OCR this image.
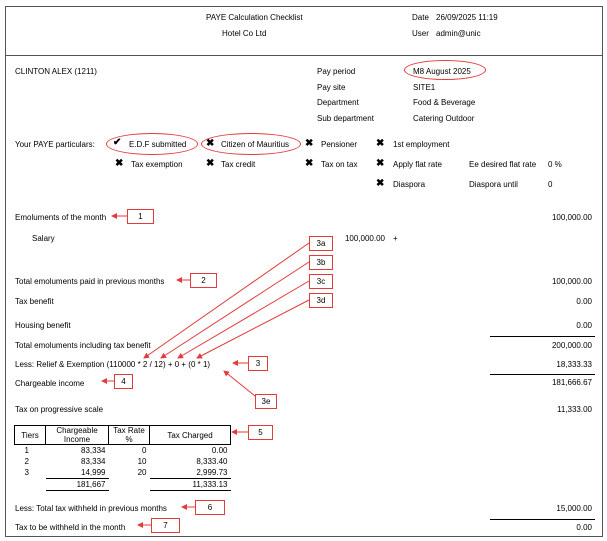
PAYE Calculation Checklist
Hotel Co Ltd
Date 26/09/2025 11:19
User admin@unic
CLINTON ALEX (1211)	Pay period	M8 August 2025
Pay site	SITE1
Department	Food & Beverage
Sub department	Catering Outdoor
Your PAYE particulars: ✔ E.D.F submitted ✖ Citizen of Mauritius ✖ Pensioner ✖ 1st employment
✖ Tax exemption ✖ Tax credit	✖ Tax on tax ✖ Apply flat rate	Ee desired flat rate 0 %
✖ Diaspora	Diaspora until	0
Emoluments of the month	100,000.00
Salary	100,000.00 +
Total emoluments paid in previous months	100,000.00
Tax benefit	0.00
Housing benefit	0.00
Total emoluments including tax benefit	200,000.00
Less: Relief & Exemption (110000 * 2 / 12) + 0 + (0 * 1)	18,333.33
Chargeable income	181,666.67
Tax on progressive scale	11,333.00
Tiers	Chargeable Income	Tax Rate %	Tax Charged
1	83,334	0	0.00
2	83,334	10	8,333.40
3	14,999	20	2,999.73
	181,667		11,333.13
Less: Total tax withheld in previous months	15,000.00
Tax to be withheld in the month	0.00
1
2
3
3a
3b
3c
3d
3e
4
5
6
7
